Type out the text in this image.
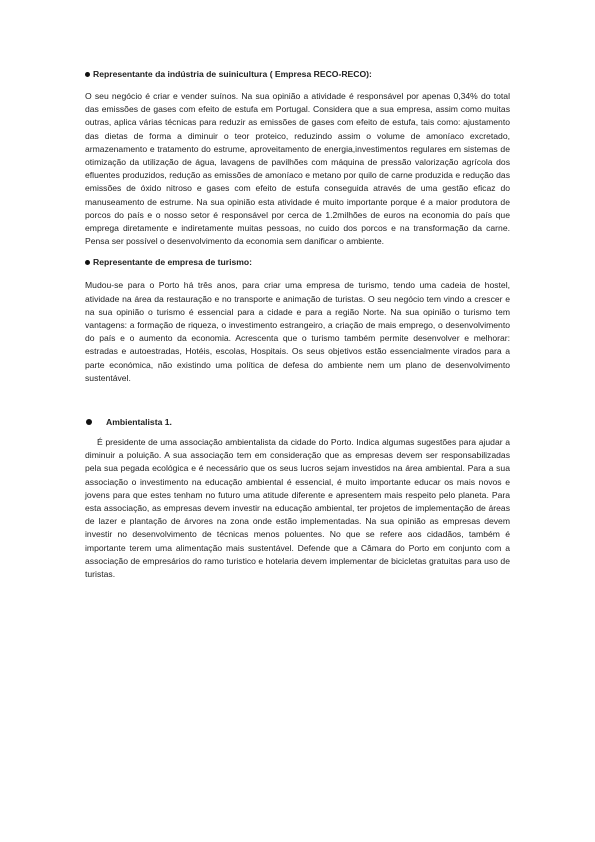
Representante da indústria de suinicultura ( Empresa RECO-RECO):

O seu negócio é criar e vender suínos. Na sua opinião a atividade é responsável por apenas 0,34% do total das emissões de gases com efeito de estufa em Portugal. Considera que a sua empresa, assim como muitas outras, aplica várias técnicas para reduzir as emissões de gases com efeito de estufa, tais como: ajustamento das dietas de forma a diminuir o teor proteico, reduzindo assim o volume de amoníaco excretado, armazenamento e tratamento do estrume, aproveitamento de energia,investimentos regulares em sistemas de otimização da utilização de água, lavagens de pavilhões com máquina de pressão valorização agrícola dos efluentes produzidos, redução as emissões de amoníaco e metano por quilo de carne produzida e redução das emissões de óxido nitroso e gases com efeito de estufa conseguida através de uma gestão eficaz do manuseamento de estrume. Na sua opinião esta atividade é muito importante porque é a maior produtora de porcos do país e o nosso setor é responsável por cerca de 1.2milhões de euros na economia do país que emprega diretamente e indiretamente muitas pessoas, no cuido dos porcos e na transformação da carne. Pensa ser possível o desenvolvimento da economia sem danificar o ambiente.

Representante de empresa de turismo:

Mudou-se para o Porto há três anos, para criar uma empresa de turismo, tendo uma cadeia de hostel, atividade na área da restauração e no transporte e animação de turistas. O seu negócio tem vindo a crescer e na sua opinião o turismo é essencial para a cidade e para a região Norte. Na sua opinião o turismo tem vantagens: a formação de riqueza, o investimento estrangeiro, a criação de mais emprego, o desenvolvimento do país e o aumento da economia. Acrescenta que o turismo também permite desenvolver e melhorar: estradas e autoestradas, Hotéis, escolas, Hospitais. Os seus objetivos estão essencialmente virados para a parte económica, não existindo uma política de defesa do ambiente nem um plano de desenvolvimento sustentável.

Ambientalista 1.

É presidente de uma associação ambientalista da cidade do Porto. Indica algumas sugestões para ajudar a diminuir a poluição. A sua associação tem em consideração que as empresas devem ser responsabilizadas pela sua pegada ecológica e é necessário que os seus lucros sejam investidos na área ambiental. Para a sua associação o investimento na educação ambiental é essencial, é muito importante educar os mais novos e jovens para que estes tenham no futuro uma atitude diferente e apresentem mais respeito pelo planeta. Para esta associação, as empresas devem investir na educação ambiental, ter projetos de implementação de áreas de lazer e plantação de árvores na zona onde estão implementadas. Na sua opinião as empresas devem investir no desenvolvimento de técnicas menos poluentes. No que se refere aos cidadãos, também é importante terem uma alimentação mais sustentável. Defende que a Câmara do Porto em conjunto com a associação de empresários do ramo turistico e hotelaria devem implementar de bicicletas gratuitas para uso de turistas.
